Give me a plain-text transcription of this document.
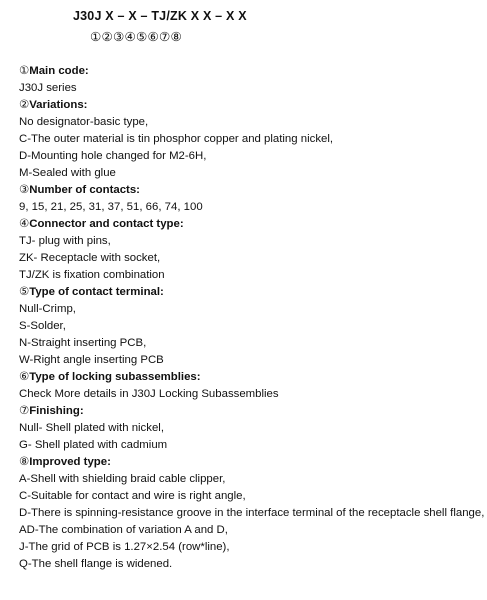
J30J X – X – TJ/ZK X X – X X
①②③④⑤⑥⑦⑧
①Main code:
J30J series
②Variations:
No designator-basic type,
C-The outer material is tin phosphor copper and plating nickel,
D-Mounting hole changed for M2-6H,
M-Sealed with glue
③Number of contacts:
9, 15, 21, 25, 31, 37, 51, 66, 74, 100
④Connector and contact type:
TJ- plug with pins,
ZK- Receptacle with socket,
TJ/ZK is fixation combination
⑤Type of contact terminal:
Null-Crimp,
S-Solder,
N-Straight inserting PCB,
W-Right angle inserting PCB
⑥Type of locking subassemblies:
Check More details in J30J Locking Subassemblies
⑦Finishing:
Null- Shell plated with nickel,
G- Shell plated with cadmium
⑧Improved type:
A-Shell with shielding braid cable clipper,
C-Suitable for contact and wire is right angle,
D-There is spinning-resistance groove in the interface terminal of the receptacle shell flange,
AD-The combination of variation A and D,
J-The grid of PCB is 1.27×2.54 (row*line),
Q-The shell flange is widened.
